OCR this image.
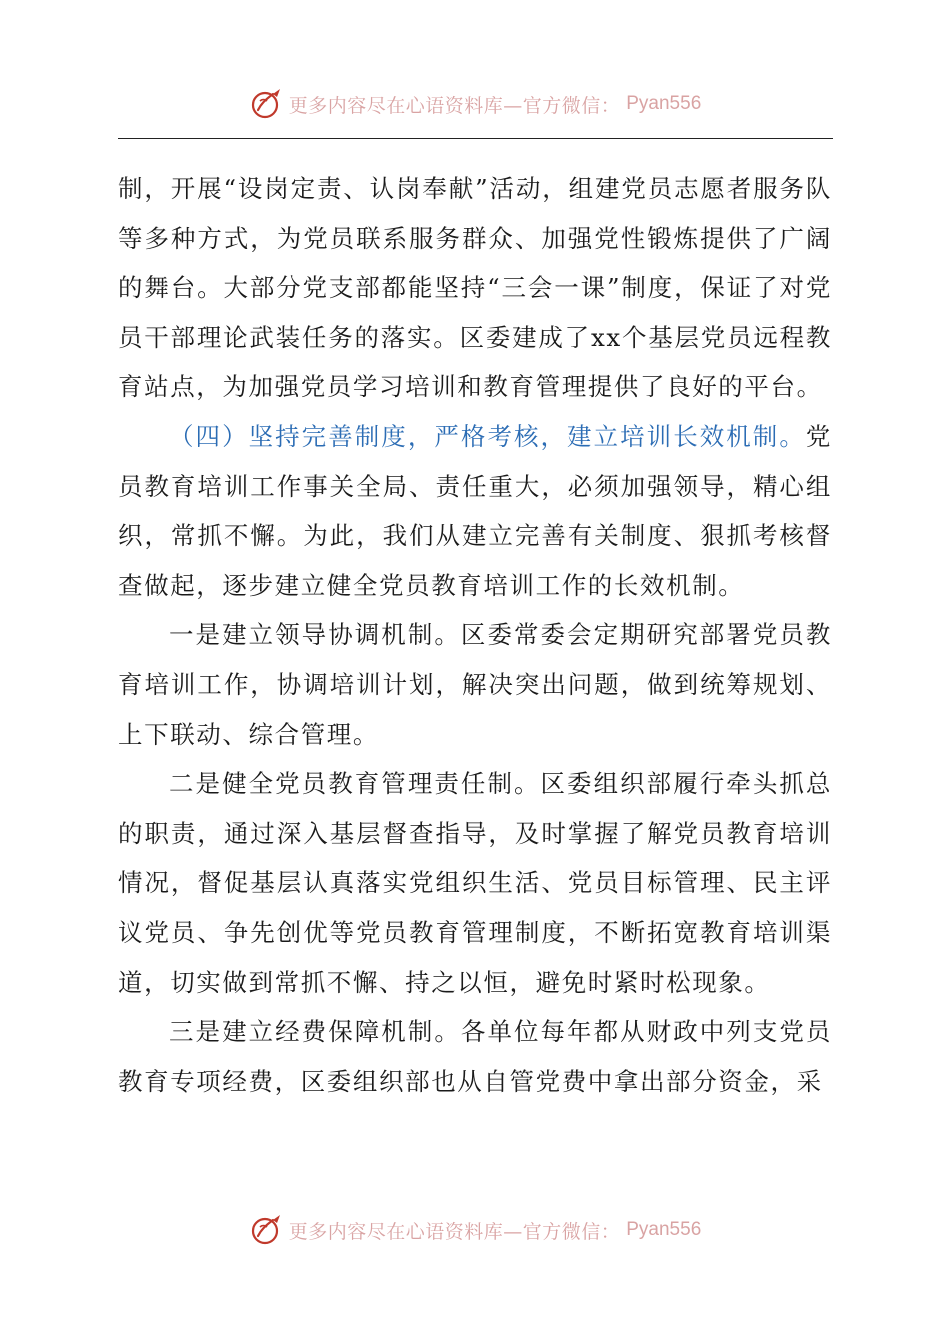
更多内容尽在心语资料库—官方微信： Pyan556

制，开展“设岗定责、认岗奉献”活动，组建党员志愿者服务队等多种方式，为党员联系服务群众、加强党性锻炼提供了广阔的舞台。大部分党支部都能坚持“三会一课”制度，保证了对党员干部理论武装任务的落实。区委建成了xx个基层党员远程教育站点，为加强党员学习培训和教育管理提供了良好的平台。

（四）坚持完善制度，严格考核，建立培训长效机制。党员教育培训工作事关全局、责任重大，必须加强领导，精心组织，常抓不懈。为此，我们从建立完善有关制度、狠抓考核督查做起，逐步建立健全党员教育培训工作的长效机制。

一是建立领导协调机制。区委常委会定期研究部署党员教育培训工作，协调培训计划，解决突出问题，做到统筹规划、上下联动、综合管理。

二是健全党员教育管理责任制。区委组织部履行牵头抓总的职责，通过深入基层督查指导，及时掌握了解党员教育培训情况，督促基层认真落实党组织生活、党员目标管理、民主评议党员、争先创优等党员教育管理制度，不断拓宽教育培训渠道，切实做到常抓不懈、持之以恒，避免时紧时松现象。

三是建立经费保障机制。各单位每年都从财政中列支党员教育专项经费，区委组织部也从自管党费中拿出部分资金，采

更多内容尽在心语资料库—官方微信： Pyan556
